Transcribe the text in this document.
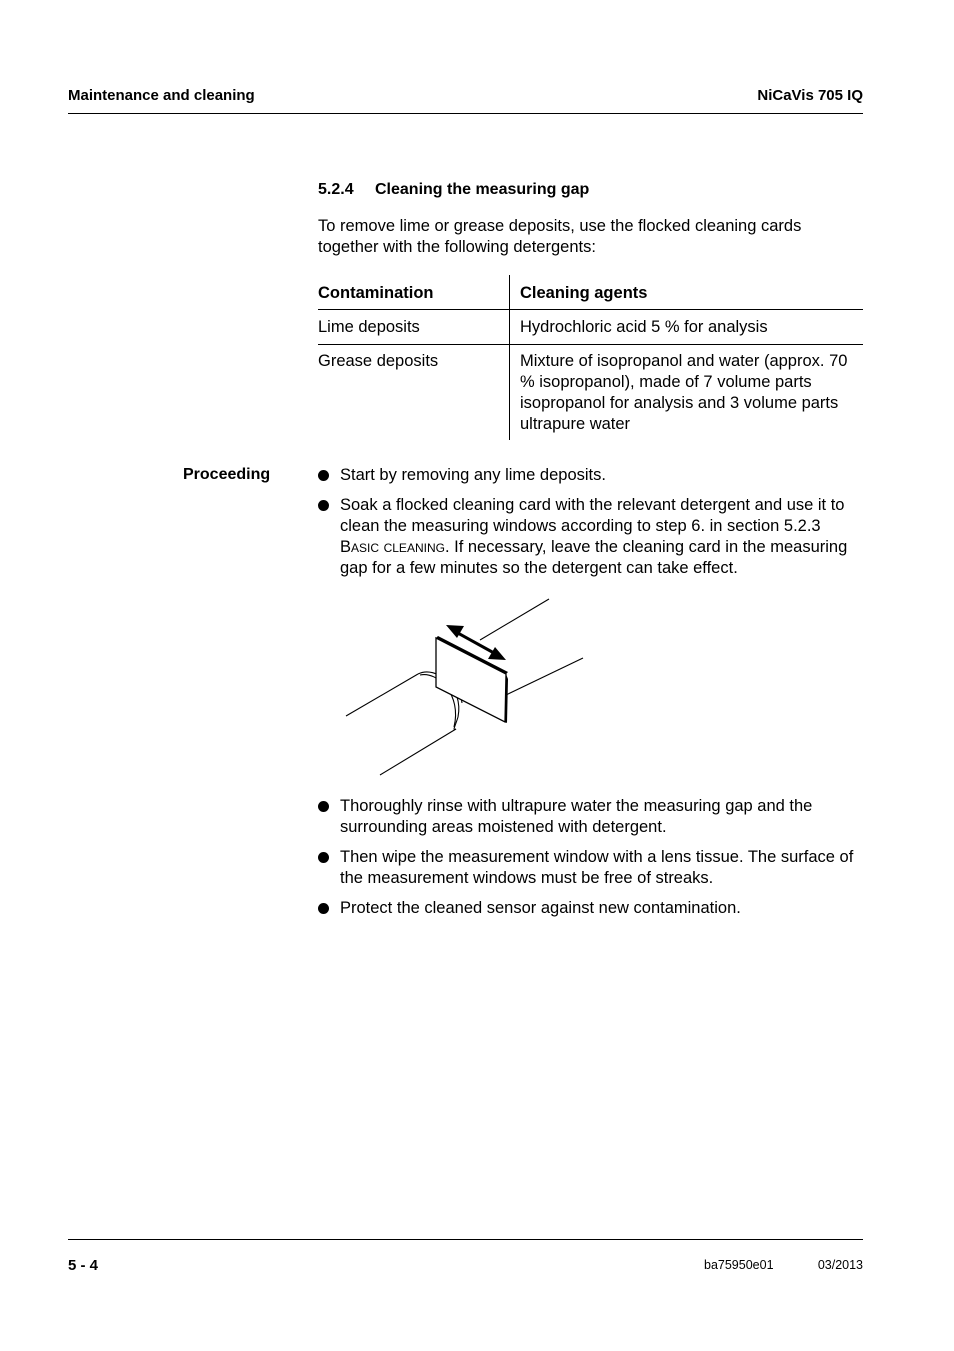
Maintenance and cleaning	NiCaVis 705 IQ
5.2.4 Cleaning the measuring gap
To remove lime or grease deposits, use the flocked cleaning cards together with the following detergents:
Contamination	Cleaning agents
Lime deposits	Hydrochloric acid 5 % for analysis
Grease deposits	Mixture of isopropanol and water (approx. 70 % isopropanol), made of 7 volume parts isopropanol for analysis and 3 volume parts ultrapure water
Proceeding	Start by removing any lime deposits.
Soak a flocked cleaning card with the relevant detergent and use it to clean the measuring windows according to step 6. in section 5.2.3 Basic cleaning. If necessary, leave the cleaning card in the measuring gap for a few minutes so the detergent can take effect.
Thoroughly rinse with ultrapure water the measuring gap and the surrounding areas moistened with detergent.
Then wipe the measurement window with a lens tissue. The surface of the measurement windows must be free of streaks.
Protect the cleaned sensor against new contamination.
5 - 4	ba75950e01	03/2013
